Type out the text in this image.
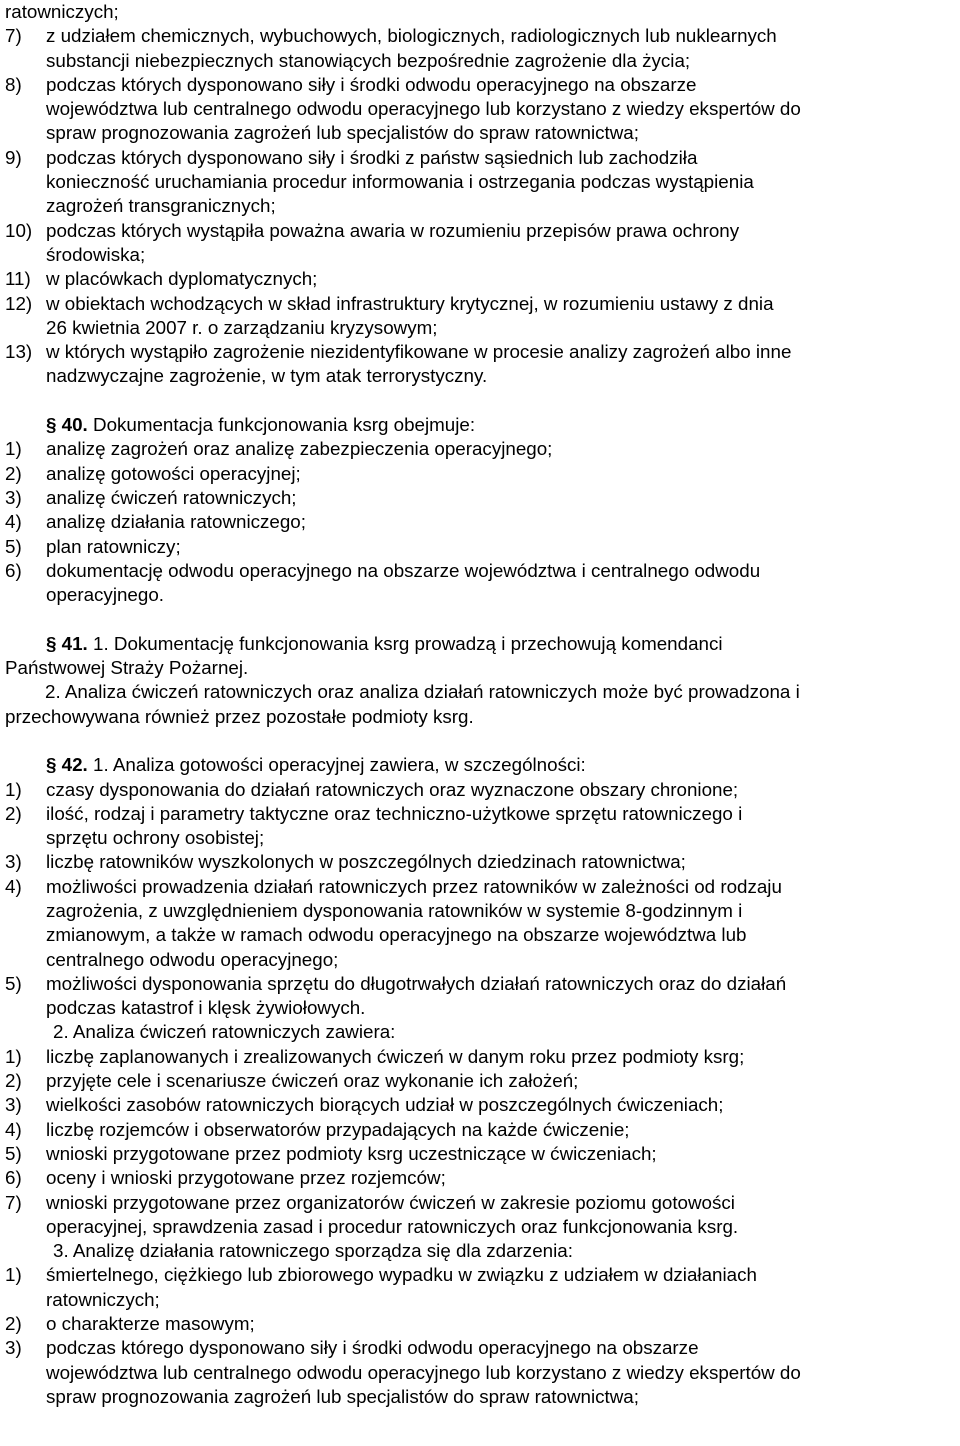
ratowniczych;
7) z udziałem chemicznych, wybuchowych, biologicznych, radiologicznych lub nuklearnych
substancji niebezpiecznych stanowiących bezpośrednie zagrożenie dla życia;
8) podczas których dysponowano siły i środki odwodu operacyjnego na obszarze
województwa lub centralnego odwodu operacyjnego lub korzystano z wiedzy ekspertów do
spraw prognozowania zagrożeń lub specjalistów do spraw ratownictwa;
9) podczas których dysponowano siły i środki z państw sąsiednich lub zachodziła
konieczność uruchamiania procedur informowania i ostrzegania podczas wystąpienia
zagrożeń transgranicznych;
10) podczas których wystąpiła poważna awaria w rozumieniu przepisów prawa ochrony
środowiska;
11) w placówkach dyplomatycznych;
12) w obiektach wchodzących w skład infrastruktury krytycznej, w rozumieniu ustawy z dnia
26 kwietnia 2007 r. o zarządzaniu kryzysowym;
13) w których wystąpiło zagrożenie niezidentyfikowane w procesie analizy zagrożeń albo inne
nadzwyczajne zagrożenie, w tym atak terrorystyczny.
§ 40. Dokumentacja funkcjonowania ksrg obejmuje:
1) analizę zagrożeń oraz analizę zabezpieczenia operacyjnego;
2) analizę gotowości operacyjnej;
3) analizę ćwiczeń ratowniczych;
4) analizę działania ratowniczego;
5) plan ratowniczy;
6) dokumentację odwodu operacyjnego na obszarze województwa i centralnego odwodu
operacyjnego.
§ 41. 1. Dokumentację funkcjonowania ksrg prowadzą i przechowują komendanci
Państwowej Straży Pożarnej.
2. Analiza ćwiczeń ratowniczych oraz analiza działań ratowniczych może być prowadzona i
przechowywana również przez pozostałe podmioty ksrg.
§ 42. 1. Analiza gotowości operacyjnej zawiera, w szczególności:
1) czasy dysponowania do działań ratowniczych oraz wyznaczone obszary chronione;
2) ilość, rodzaj i parametry taktyczne oraz techniczno-użytkowe sprzętu ratowniczego i
sprzętu ochrony osobistej;
3) liczbę ratowników wyszkolonych w poszczególnych dziedzinach ratownictwa;
4) możliwości prowadzenia działań ratowniczych przez ratowników w zależności od rodzaju
zagrożenia, z uwzględnieniem dysponowania ratowników w systemie 8-godzinnym i
zmianowym, a także w ramach odwodu operacyjnego na obszarze województwa lub
centralnego odwodu operacyjnego;
5) możliwości dysponowania sprzętu do długotrwałych działań ratowniczych oraz do działań
podczas katastrof i klęsk żywiołowych.
2. Analiza ćwiczeń ratowniczych zawiera:
1) liczbę zaplanowanych i zrealizowanych ćwiczeń w danym roku przez podmioty ksrg;
2) przyjęte cele i scenariusze ćwiczeń oraz wykonanie ich założeń;
3) wielkości zasobów ratowniczych biorących udział w poszczególnych ćwiczeniach;
4) liczbę rozjemców i obserwatorów przypadających na każde ćwiczenie;
5) wnioski przygotowane przez podmioty ksrg uczestniczące w ćwiczeniach;
6) oceny i wnioski przygotowane przez rozjemców;
7) wnioski przygotowane przez organizatorów ćwiczeń w zakresie poziomu gotowości
operacyjnej, sprawdzenia zasad i procedur ratowniczych oraz funkcjonowania ksrg.
3. Analizę działania ratowniczego sporządza się dla zdarzenia:
1) śmiertelnego, ciężkiego lub zbiorowego wypadku w związku z udziałem w działaniach
ratowniczych;
2) o charakterze masowym;
3) podczas którego dysponowano siły i środki odwodu operacyjnego na obszarze
województwa lub centralnego odwodu operacyjnego lub korzystano z wiedzy ekspertów do
spraw prognozowania zagrożeń lub specjalistów do spraw ratownictwa;
